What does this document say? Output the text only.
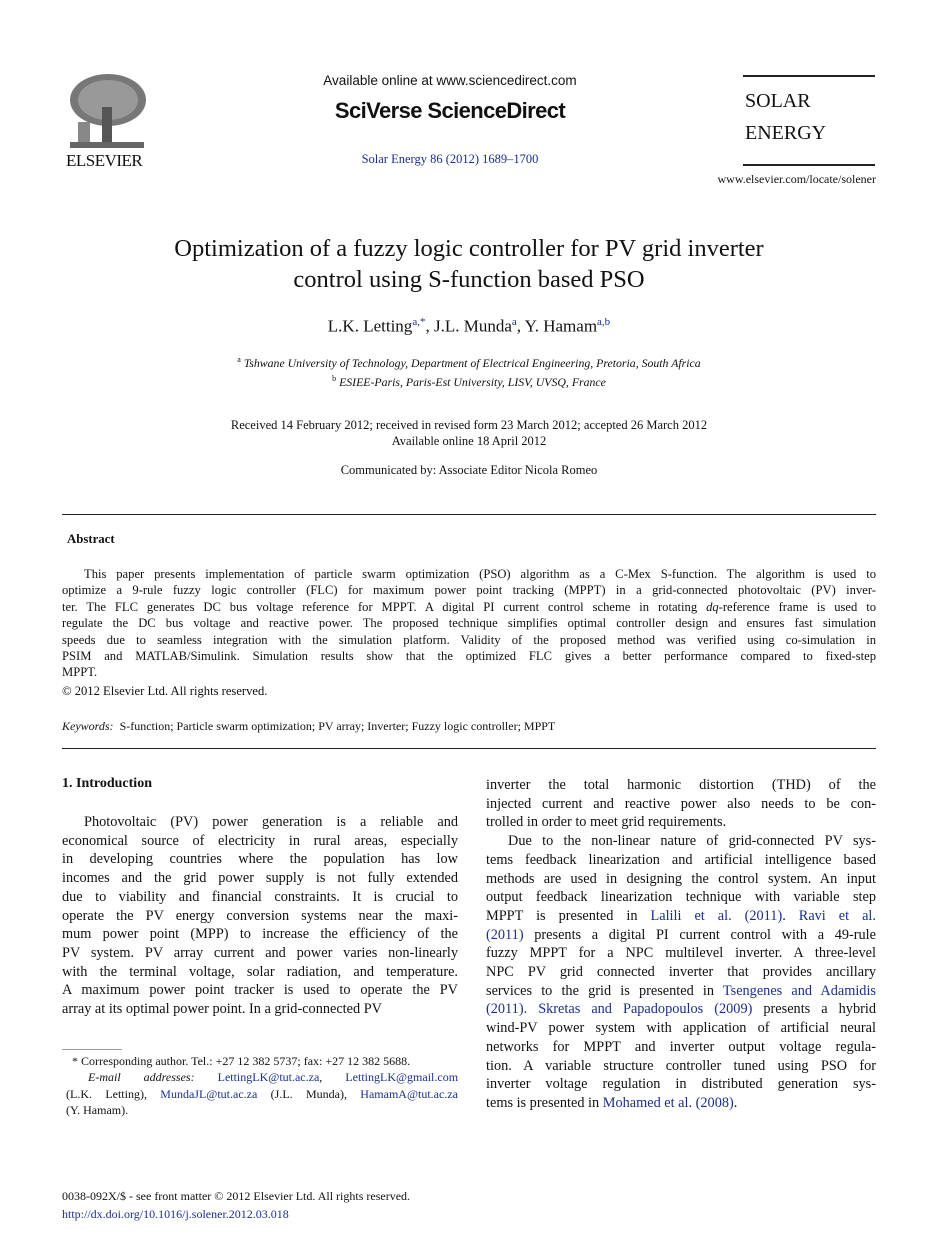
ELSEVIER
Available online at www.sciencedirect.com
SciVerse ScienceDirect
Solar Energy 86 (2012) 1689–1700
solar
energy
www.elsevier.com/locate/solener
Optimization of a fuzzy logic controller for PV grid inverter
control using S-function based PSO
L.K. Letting$^{a,*}$, J.L. Munda$^a$, Y. Hamam$^{a,b}$
$^a$ Tshwane University of Technology, Department of Electrical Engineering, Pretoria, South Africa
$^b$ ESIEE-Paris, Paris-Est University, LISV, UVSQ, France
Received 14 February 2012; received in revised form 23 March 2012; accepted 26 March 2012
Available online 18 April 2012
Communicated by: Associate Editor Nicola Romeo
Abstract
This paper presents implementation of particle swarm optimization (PSO) algorithm as a C-Mex S-function. The algorithm is used to
optimize a 9-rule fuzzy logic controller (FLC) for maximum power point tracking (MPPT) in a grid-connected photovoltaic (PV) inver-
ter. The FLC generates DC bus voltage reference for MPPT. A digital PI current control scheme in rotating dq-reference frame is used to
regulate the DC bus voltage and reactive power. The proposed technique simplifies optimal controller design and ensures fast simulation
speeds due to seamless integration with the simulation platform. Validity of the proposed method was verified using co-simulation in
PSIM and MATLAB/Simulink. Simulation results show that the optimized FLC gives a better performance compared to fixed-step
MPPT.
© 2012 Elsevier Ltd. All rights reserved.
Keywords: S-function; Particle swarm optimization; PV array; Inverter; Fuzzy logic controller; MPPT
1. Introduction
Photovoltaic (PV) power generation is a reliable and
economical source of electricity in rural areas, especially
in developing countries where the population has low
incomes and the grid power supply is not fully extended
due to viability and financial constraints. It is crucial to
operate the PV energy conversion systems near the maxi-
mum power point (MPP) to increase the efficiency of the
PV system. PV array current and power varies non-linearly
with the terminal voltage, solar radiation, and temperature.
A maximum power point tracker is used to operate the PV
array at its optimal power point. In a grid-connected PV
inverter the total harmonic distortion (THD) of the
injected current and reactive power also needs to be con-
trolled in order to meet grid requirements.
Due to the non-linear nature of grid-connected PV sys-
tems feedback linearization and artificial intelligence based
methods are used in designing the control system. An input
output feedback linearization technique with variable step
MPPT is presented in Lalili et al. (2011). Ravi et al.
(2011) presents a digital PI current control with a 49-rule
fuzzy MPPT for a NPC multilevel inverter. A three-level
NPC PV grid connected inverter that provides ancillary
services to the grid is presented in Tsengenes and Adamidis
(2011). Skretas and Papadopoulos (2009) presents a hybrid
wind-PV power system with application of artificial neural
networks for MPPT and inverter output voltage regula-
tion. A variable structure controller tuned using PSO for
inverter voltage regulation in distributed generation sys-
tems is presented in Mohamed et al. (2008).
* Corresponding author. Tel.: +27 12 382 5737; fax: +27 12 382 5688.
E-mail addresses: LettingLK@tut.ac.za, LettingLK@gmail.com
(L.K. Letting), MundaJL@tut.ac.za (J.L. Munda), HamamA@tut.ac.za
(Y. Hamam).
0038-092X/$ - see front matter © 2012 Elsevier Ltd. All rights reserved.
http://dx.doi.org/10.1016/j.solener.2012.03.018
